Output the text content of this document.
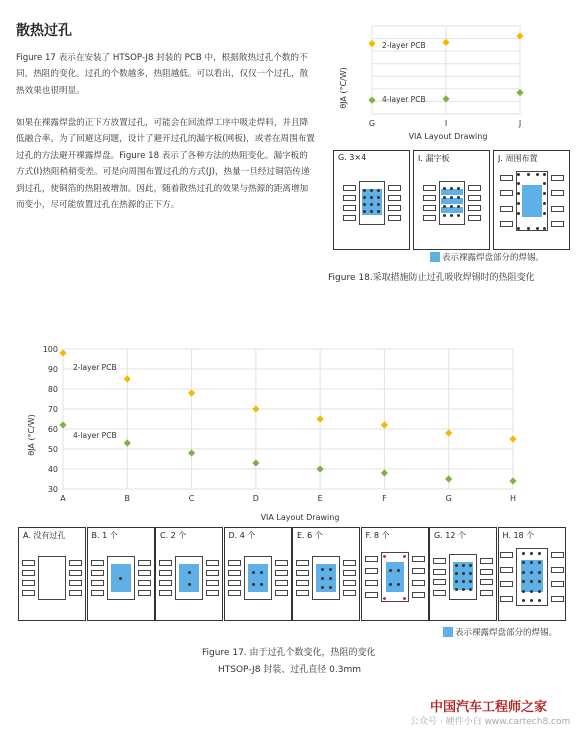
散热过孔
Figure 17 表示在安装了 HTSOP-J8 封装的 PCB 中，根据散热过孔个数的不同，热阻的变化。过孔的个数越多，热阻越低。可以看出，仅仅一个过孔，散热效果也很明显。
如果在裸露焊盘的正下方放置过孔，可能会在回流焊工序中吸走焊料，并且降低融合率。为了回避这问题，设计了避开过孔的漏字板(网板)，或者在周围布置过孔的方法避开裸露焊盘。Figure 18 表示了各种方法的热阻变化。漏字板的方式(I)热阻稍稍变差。可是向周围布置过孔的方式(J)，热量一旦经过铜箔传递到过孔，使铜箔的热阻被增加。因此，随着散热过孔的效果与热源的距离增加而变小，尽可能放置过孔在热源的正下方。
θJA (°C/W)
G	I	J
2-layer PCB
4-layer PCB
VIA Layout Drawing
G. 3×4	I. 漏字板	J. 周围布置
表示裸露焊盘部分的焊锡。
Figure 18.采取措施防止过孔吸收焊锡时的热阻变化
30
40
50
60
70
80
90
100
θJA (°C/W)
A	B	C	D	E	F	G	H
2-layer PCB
4-layer PCB
VIA Layout Drawing
A. 没有过孔	B. 1 个	C. 2 个	D. 4 个	E. 6 个	F. 8 个	G. 12 个	H. 18 个
表示裸露焊盘部分的焊锡。
Figure 17. 由于过孔个数变化，热阻的变化
HTSOP-J8 封装、过孔直径 0.3mm
中国汽车工程师之家
公众号 · 硬件小白 www.cartech8.com
